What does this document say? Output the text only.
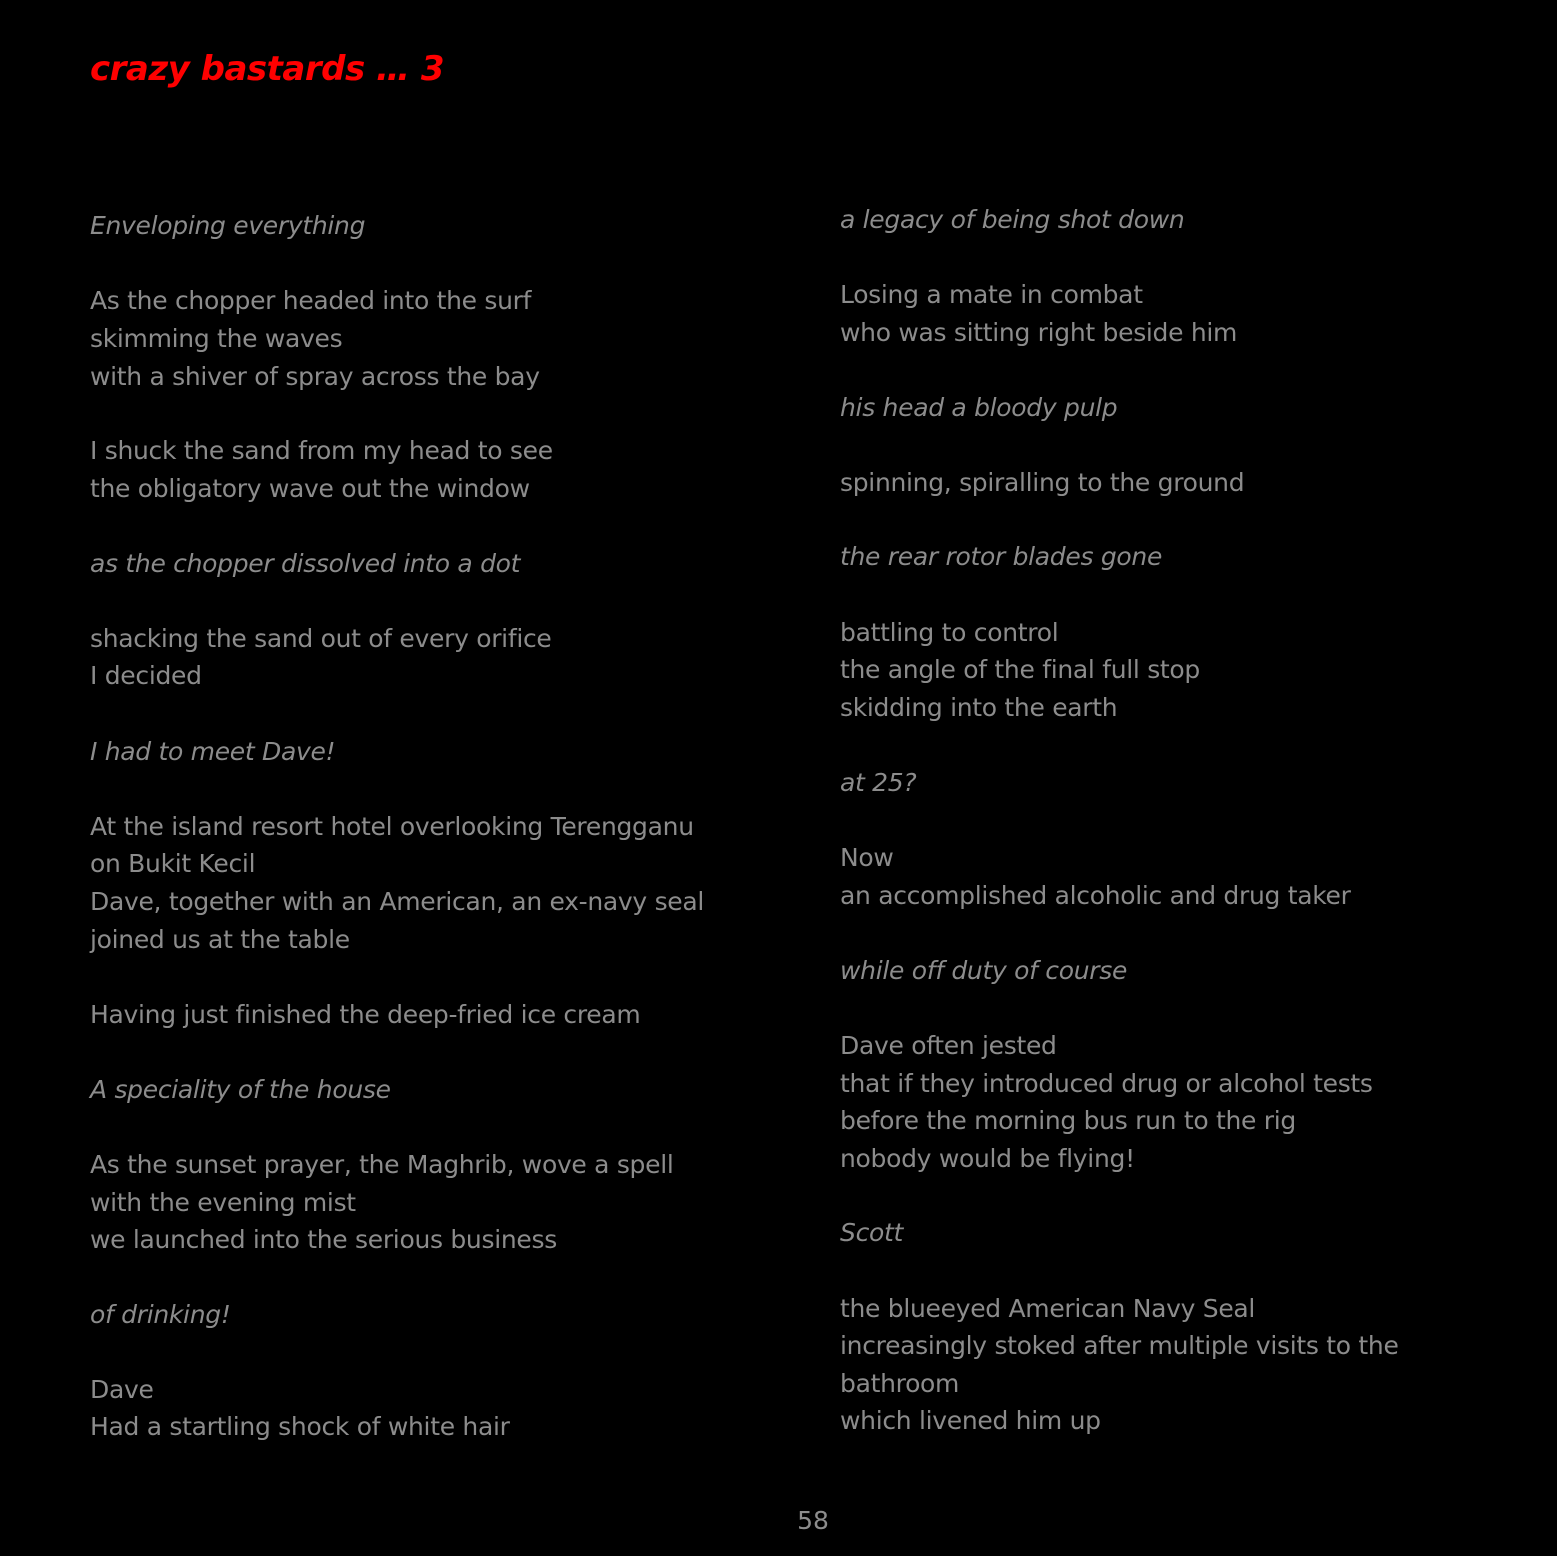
crazy bastards … 3
Enveloping everything
As the chopper headed into the surf
skimming the waves
with a shiver of spray across the bay
I shuck the sand from my head to see
the obligatory wave out the window
as the chopper dissolved into a dot
shacking the sand out of every orifice
I decided
I had to meet Dave!
At the island resort hotel overlooking Terengganu
on Bukit Kecil
Dave, together with an American, an ex-navy seal
joined us at the table
Having just finished the deep-fried ice cream
A speciality of the house
As the sunset prayer, the Maghrib, wove a spell
with the evening mist
we launched into the serious business
of drinking!
Dave
Had a startling shock of white hair
a legacy of being shot down
Losing a mate in combat
who was sitting right beside him
his head a bloody pulp
spinning, spiralling to the ground
the rear rotor blades gone
battling to control
the angle of the final full stop
skidding into the earth
at 25?
Now
an accomplished alcoholic and drug taker
while off duty of course
Dave often jested
that if they introduced drug or alcohol tests
before the morning bus run to the rig
nobody would be flying!
Scott
the blueeyed American Navy Seal
increasingly stoked after multiple visits to the
bathroom
which livened him up
58
